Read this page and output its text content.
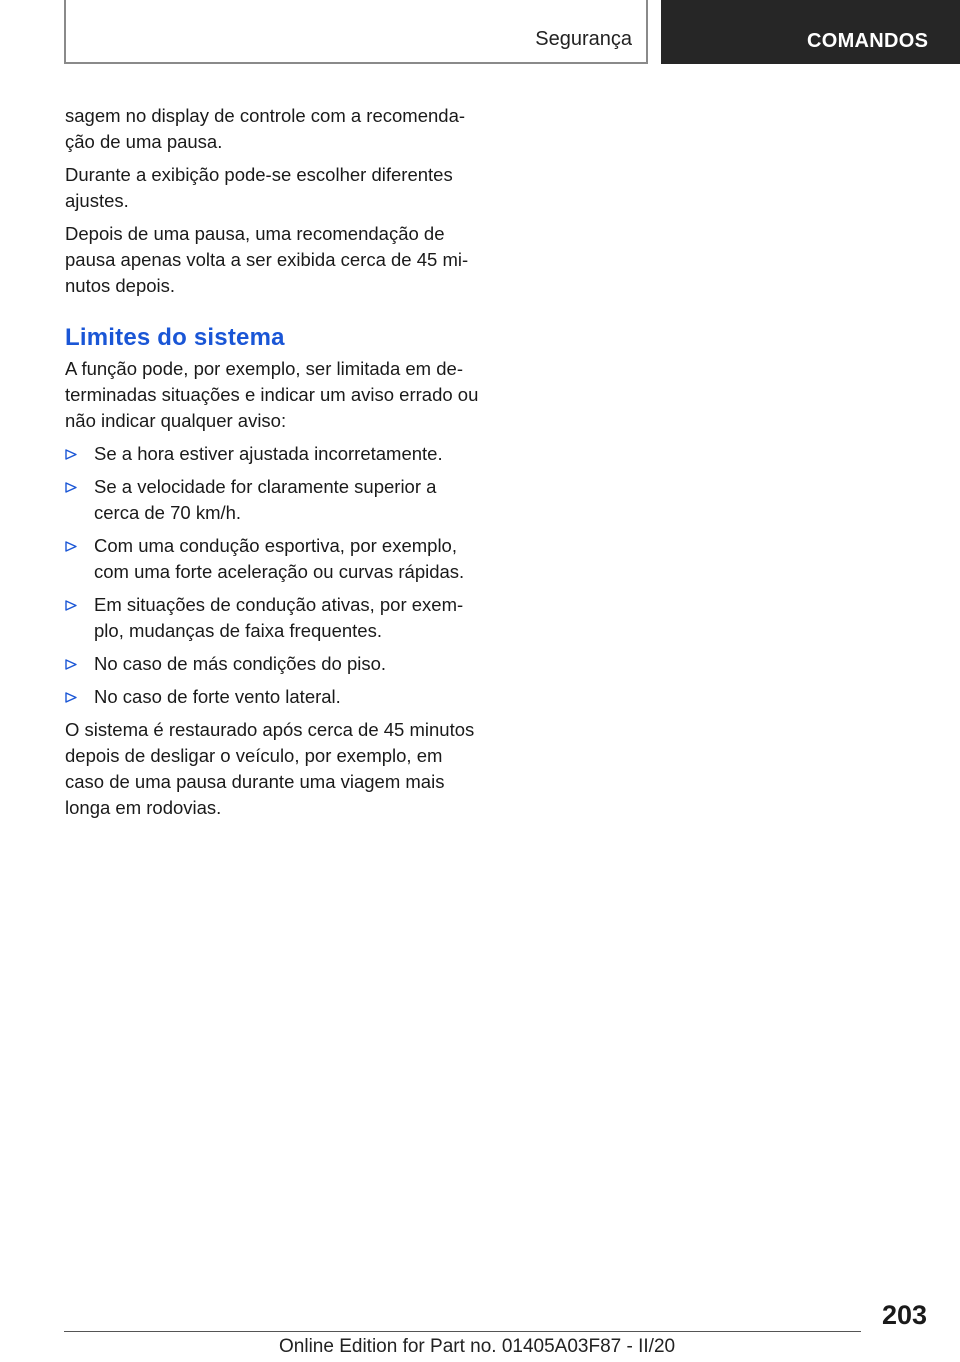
Segurança	COMANDOS

sagem no display de controle com a recomendação de uma pausa.

Durante a exibição pode-se escolher diferentes ajustes.

Depois de uma pausa, uma recomendação de pausa apenas volta a ser exibida cerca de 45 minutos depois.

Limites do sistema

A função pode, por exemplo, ser limitada em determinadas situações e indicar um aviso errado ou não indicar qualquer aviso:

Se a hora estiver ajustada incorretamente.
Se a velocidade for claramente superior a cerca de 70 km/h.
Com uma condução esportiva, por exemplo, com uma forte aceleração ou curvas rápidas.
Em situações de condução ativas, por exemplo, mudanças de faixa frequentes.
No caso de más condições do piso.
No caso de forte vento lateral.

O sistema é restaurado após cerca de 45 minutos depois de desligar o veículo, por exemplo, em caso de uma pausa durante uma viagem mais longa em rodovias.

203
Online Edition for Part no. 01405A03F87 - II/20
